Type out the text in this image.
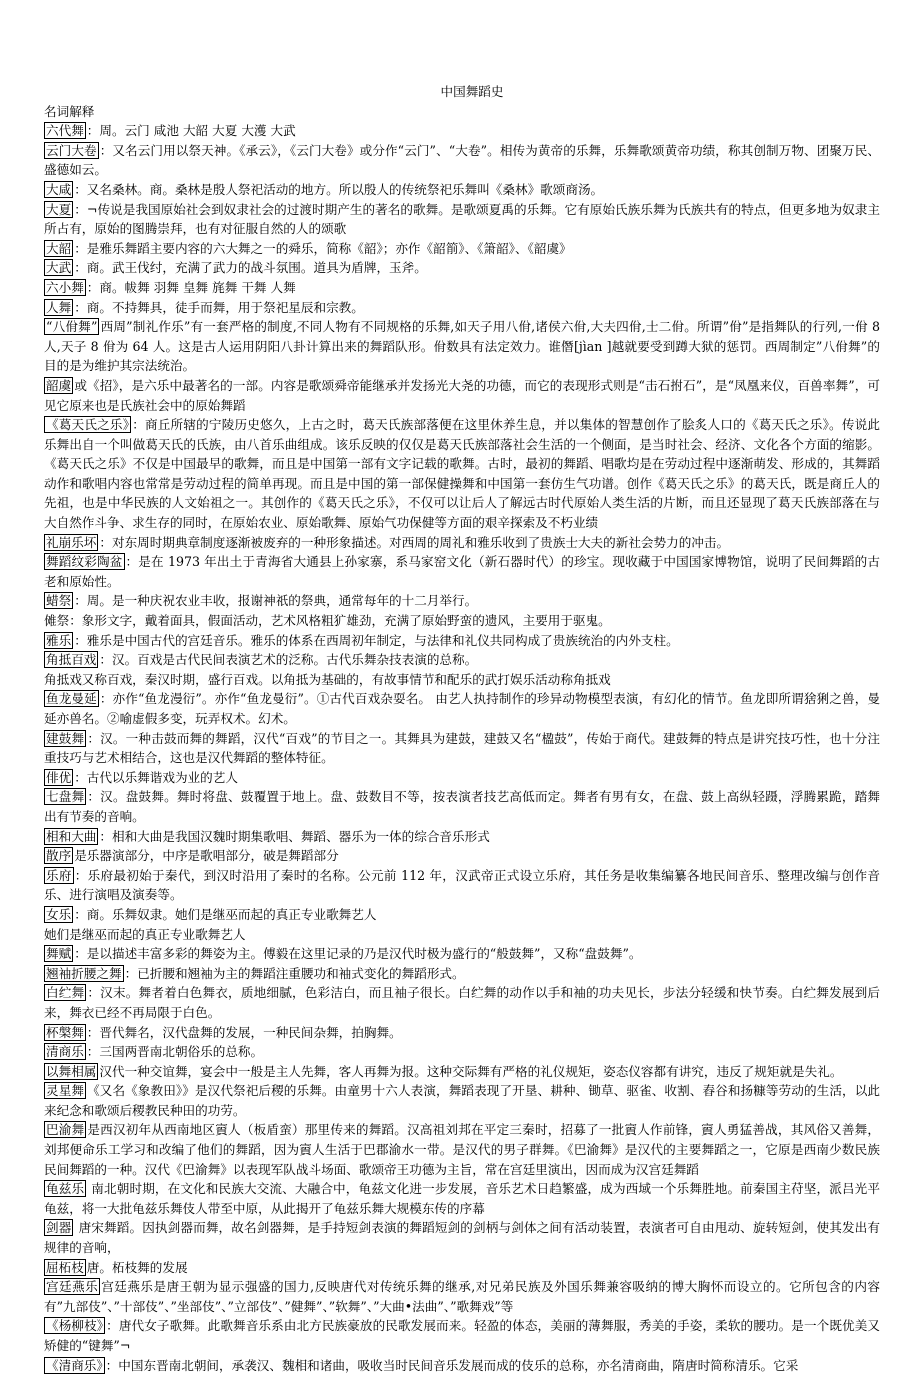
中国舞蹈史
名词解释

六代舞 ：周。云门 咸池 大韶 大夏 大濩 大武

云门大卷 ：又名云门用以祭天神。《承云》，《云门大卷》或分作“云门”、“大卷”。相传为黄帝的乐舞，乐舞歌颂黄帝功绩，称其创制万物、团聚万民、盛德如云。

大咸 ：又名桑林。商。桑林是殷人祭祀活动的地方。所以殷人的传统祭祀乐舞叫《桑林》歌颂商汤。

大夏 ：¬传说是我国原始社会到奴隶社会的过渡时期产生的著名的歌舞。是歌颂夏禹的乐舞。它有原始氏族乐舞为氏族共有的特点，但更多地为奴隶主所占有，原始的图腾崇拜，也有对征服自然的人的颂歌

大韶 ：是雅乐舞蹈主要内容的六大舞之一的舜乐，简称《韶》；亦作《韶箾》、《箫韶》、《韶虞》

大武 ：商。武王伐纣，充满了武力的战斗氛围。道具为盾牌，玉斧。

六小舞 ：商。帗舞 羽舞 皇舞 旄舞 干舞 人舞

人舞 ：商。不持舞具，徒手而舞，用于祭祀星辰和宗教。

“八佾舞” 西周”制礼作乐”有一套严格的制度,不同人物有不同规格的乐舞,如天子用八佾,诸侯六佾,大夫四佾,士二佾。所谓”佾”是指舞队的行列,一佾 8 人,天子 8 佾为 64 人。这是古人运用阴阳八卦计算出来的舞蹈队形。佾数具有法定效力。谁僭[jìan ]越就要受到蹲大狱的惩罚。西周制定”八佾舞”的目的是为维护其宗法统治。

韶虞 或《招》，是六乐中最著名的一部。内容是歌颂舜帝能继承并发扬光大尧的功德，而它的表现形式则是“击石拊石”，是“凤凰来仪，百兽率舞”，可见它原来也是氏族社会中的原始舞蹈

《葛天氏之乐》 ：商丘所辖的宁陵历史悠久，上古之时，葛天氏族部落便在这里休养生息，并以集体的智慧创作了脍炙人口的《葛天氏之乐》。传说此乐舞出自一个叫做葛天氏的氏族，由八首乐曲组成。该乐反映的仅仅是葛天氏族部落社会生活的一个侧面，是当时社会、经济、文化各个方面的缩影。《葛天氏之乐》不仅是中国最早的歌舞，而且是中国第一部有文字记载的歌舞。古时，最初的舞蹈、唱歌均是在劳动过程中逐渐萌发、形成的，其舞蹈动作和歌唱内容也常常是劳动过程的简单再现。而且是中国的第一部保健操舞和中国第一套仿生气功谱。创作《葛天氏之乐》的葛天氏，既是商丘人的先祖，也是中华民族的人文始祖之一。其创作的《葛天氏之乐》，不仅可以让后人了解远古时代原始人类生活的片断，而且还显现了葛天氏族部落在与大自然作斗争、求生存的同时，在原始农业、原始歌舞、原始气功保健等方面的艰辛探索及不朽业绩

礼崩乐坏 ：对东周时期典章制度逐渐被废弃的一种形象描述。对西周的周礼和雅乐收到了贵族士大夫的新社会势力的冲击。

舞蹈纹彩陶盆 ：是在 1973 年出土于青海省大通县上孙家寨，系马家窑文化（新石器时代）的珍宝。现收藏于中国国家博物馆，说明了民间舞蹈的古老和原始性。

蜡祭 ：周。是一种庆祝农业丰收，报谢神祇的祭典，通常每年的十二月举行。

傩祭：象形文字，戴着面具，假面活动，艺术风格粗犷雄劲，充满了原始野蛮的遗风，主要用于驱鬼。

雅乐 ：雅乐是中国古代的宫廷音乐。雅乐的体系在西周初年制定，与法律和礼仪共同构成了贵族统治的内外支柱。

角抵百戏 ：汉。百戏是古代民间表演艺术的泛称。古代乐舞杂技表演的总称。

角抵戏又称百戏，秦汉时期，盛行百戏。以角抵为基础的，有故事情节和配乐的武打娱乐活动称角抵戏

鱼龙曼延 ：亦作“鱼龙漫衍”。亦作“鱼龙曼衍”。①古代百戏杂耍名。 由艺人执持制作的珍异动物模型表演，有幻化的情节。鱼龙即所谓猞猁之兽，曼延亦兽名。②喻虚假多变，玩弄权术。幻术。

建鼓舞 ：汉。一种击鼓而舞的舞蹈，汉代“百戏”的节目之一。其舞具为建鼓，建鼓又名“楹鼓”，传始于商代。建鼓舞的特点是讲究技巧性，也十分注重技巧与艺术相结合，这也是汉代舞蹈的整体特征。

俳优 ：古代以乐舞谐戏为业的艺人

七盘舞 ：汉。盘鼓舞。舞时将盘、鼓覆置于地上。盘、鼓数目不等，按表演者技艺高低而定。舞者有男有女，在盘、鼓上高纵轻蹑，浮腾累跪，踏舞出有节奏的音响。

相和大曲 ：相和大曲是我国汉魏时期集歌唱、舞蹈、器乐为一体的综合音乐形式

散序 是乐器演部分，中序是歌唱部分，破是舞蹈部分

乐府 ：乐府最初始于秦代，到汉时沿用了秦时的名称。公元前 112 年，汉武帝正式设立乐府，其任务是收集编纂各地民间音乐、整理改编与创作音乐、进行演唱及演奏等。

女乐 ：商。乐舞奴隶。她们是继巫而起的真正专业歌舞艺人

她们是继巫而起的真正专业歌舞艺人

舞赋 ：是以描述丰富多彩的舞姿为主。傅毅在这里记录的乃是汉代时极为盛行的“般鼓舞”，又称“盘鼓舞”。

翘袖折腰之舞 ：已折腰和翘袖为主的舞蹈注重腰功和袖式变化的舞蹈形式。

白纻舞 ：汉末。舞者着白色舞衣，质地细腻，色彩洁白，而且袖子很长。白纻舞的动作以手和袖的功夫见长，步法分轻缓和快节奏。白纻舞发展到后来，舞衣已经不再局限于白色。

杯槃舞 ：晋代舞名，汉代盘舞的发展，一种民间杂舞，拍胸舞。

清商乐 ：三国两晋南北朝俗乐的总称。

以舞相属 汉代一种交谊舞，宴会中一般是主人先舞，客人再舞为报。这种交际舞有严格的礼仪规矩，姿态仪容都有讲究，违反了规矩就是失礼。

灵星舞 《又名《象教田》》是汉代祭祀后稷的乐舞。由童男十六人表演，舞蹈表现了开垦、耕种、锄草、驱雀、收割、舂谷和扬糠等劳动的生活，以此来纪念和歌颂后稷教民种田的功劳。

巴渝舞 是西汉初年从西南地区賨人（板盾蛮）那里传来的舞蹈。汉高祖刘邦在平定三秦时，招募了一批賨人作前锋，賨人勇猛善战，其风俗又善舞，刘邦便命乐工学习和改编了他们的舞蹈，因为賨人生活于巴郡渝水一带。是汉代的男子群舞。《巴渝舞》是汉代的主要舞蹈之一，它原是西南少数民族民间舞蹈的一种。汉代《巴渝舞》以表现军队战斗场面、歌颂帝王功德为主旨，常在宫廷里演出，因而成为汉宫廷舞蹈

龟兹乐 南北朝时期，在文化和民族大交流、大融合中，龟兹文化进一步发展，音乐艺术日趋繁盛，成为西域一个乐舞胜地。前秦国主苻坚，派吕光平龟兹，将一大批龟兹乐舞伎人带至中原，从此揭开了龟兹乐舞大规模东传的序幕

剑器 唐宋舞蹈。因执剑器而舞，故名剑器舞，是手持短剑表演的舞蹈短剑的剑柄与剑体之间有活动装置，表演者可自由甩动、旋转短剑，使其发出有规律的音响，

屈柘枝 唐。柘枝舞的发展

宫廷燕乐 宫廷燕乐是唐王朝为显示强盛的国力,反映唐代对传统乐舞的继承,对兄弟民族及外国乐舞兼容吸纳的博大胸怀而设立的。它所包含的内容有”九部伎”、”十部伎”、”坐部伎”、”立部伎”、”健舞”、”软舞”、”大曲•法曲”、”歌舞戏”等

《杨柳枝》 ：唐代女子歌舞。此歌舞音乐系由北方民族豪放的民歌发展而来。轻盈的体态，美丽的薄舞服，秀美的手姿，柔软的腰功。是一个既优美又矫健的“键舞”¬

《清商乐》 ：中国东晋南北朝间，承袭汉、魏相和诸曲，吸收当时民间音乐发展而成的伎乐的总称，亦名清商曲，隋唐时简称清乐。它采
